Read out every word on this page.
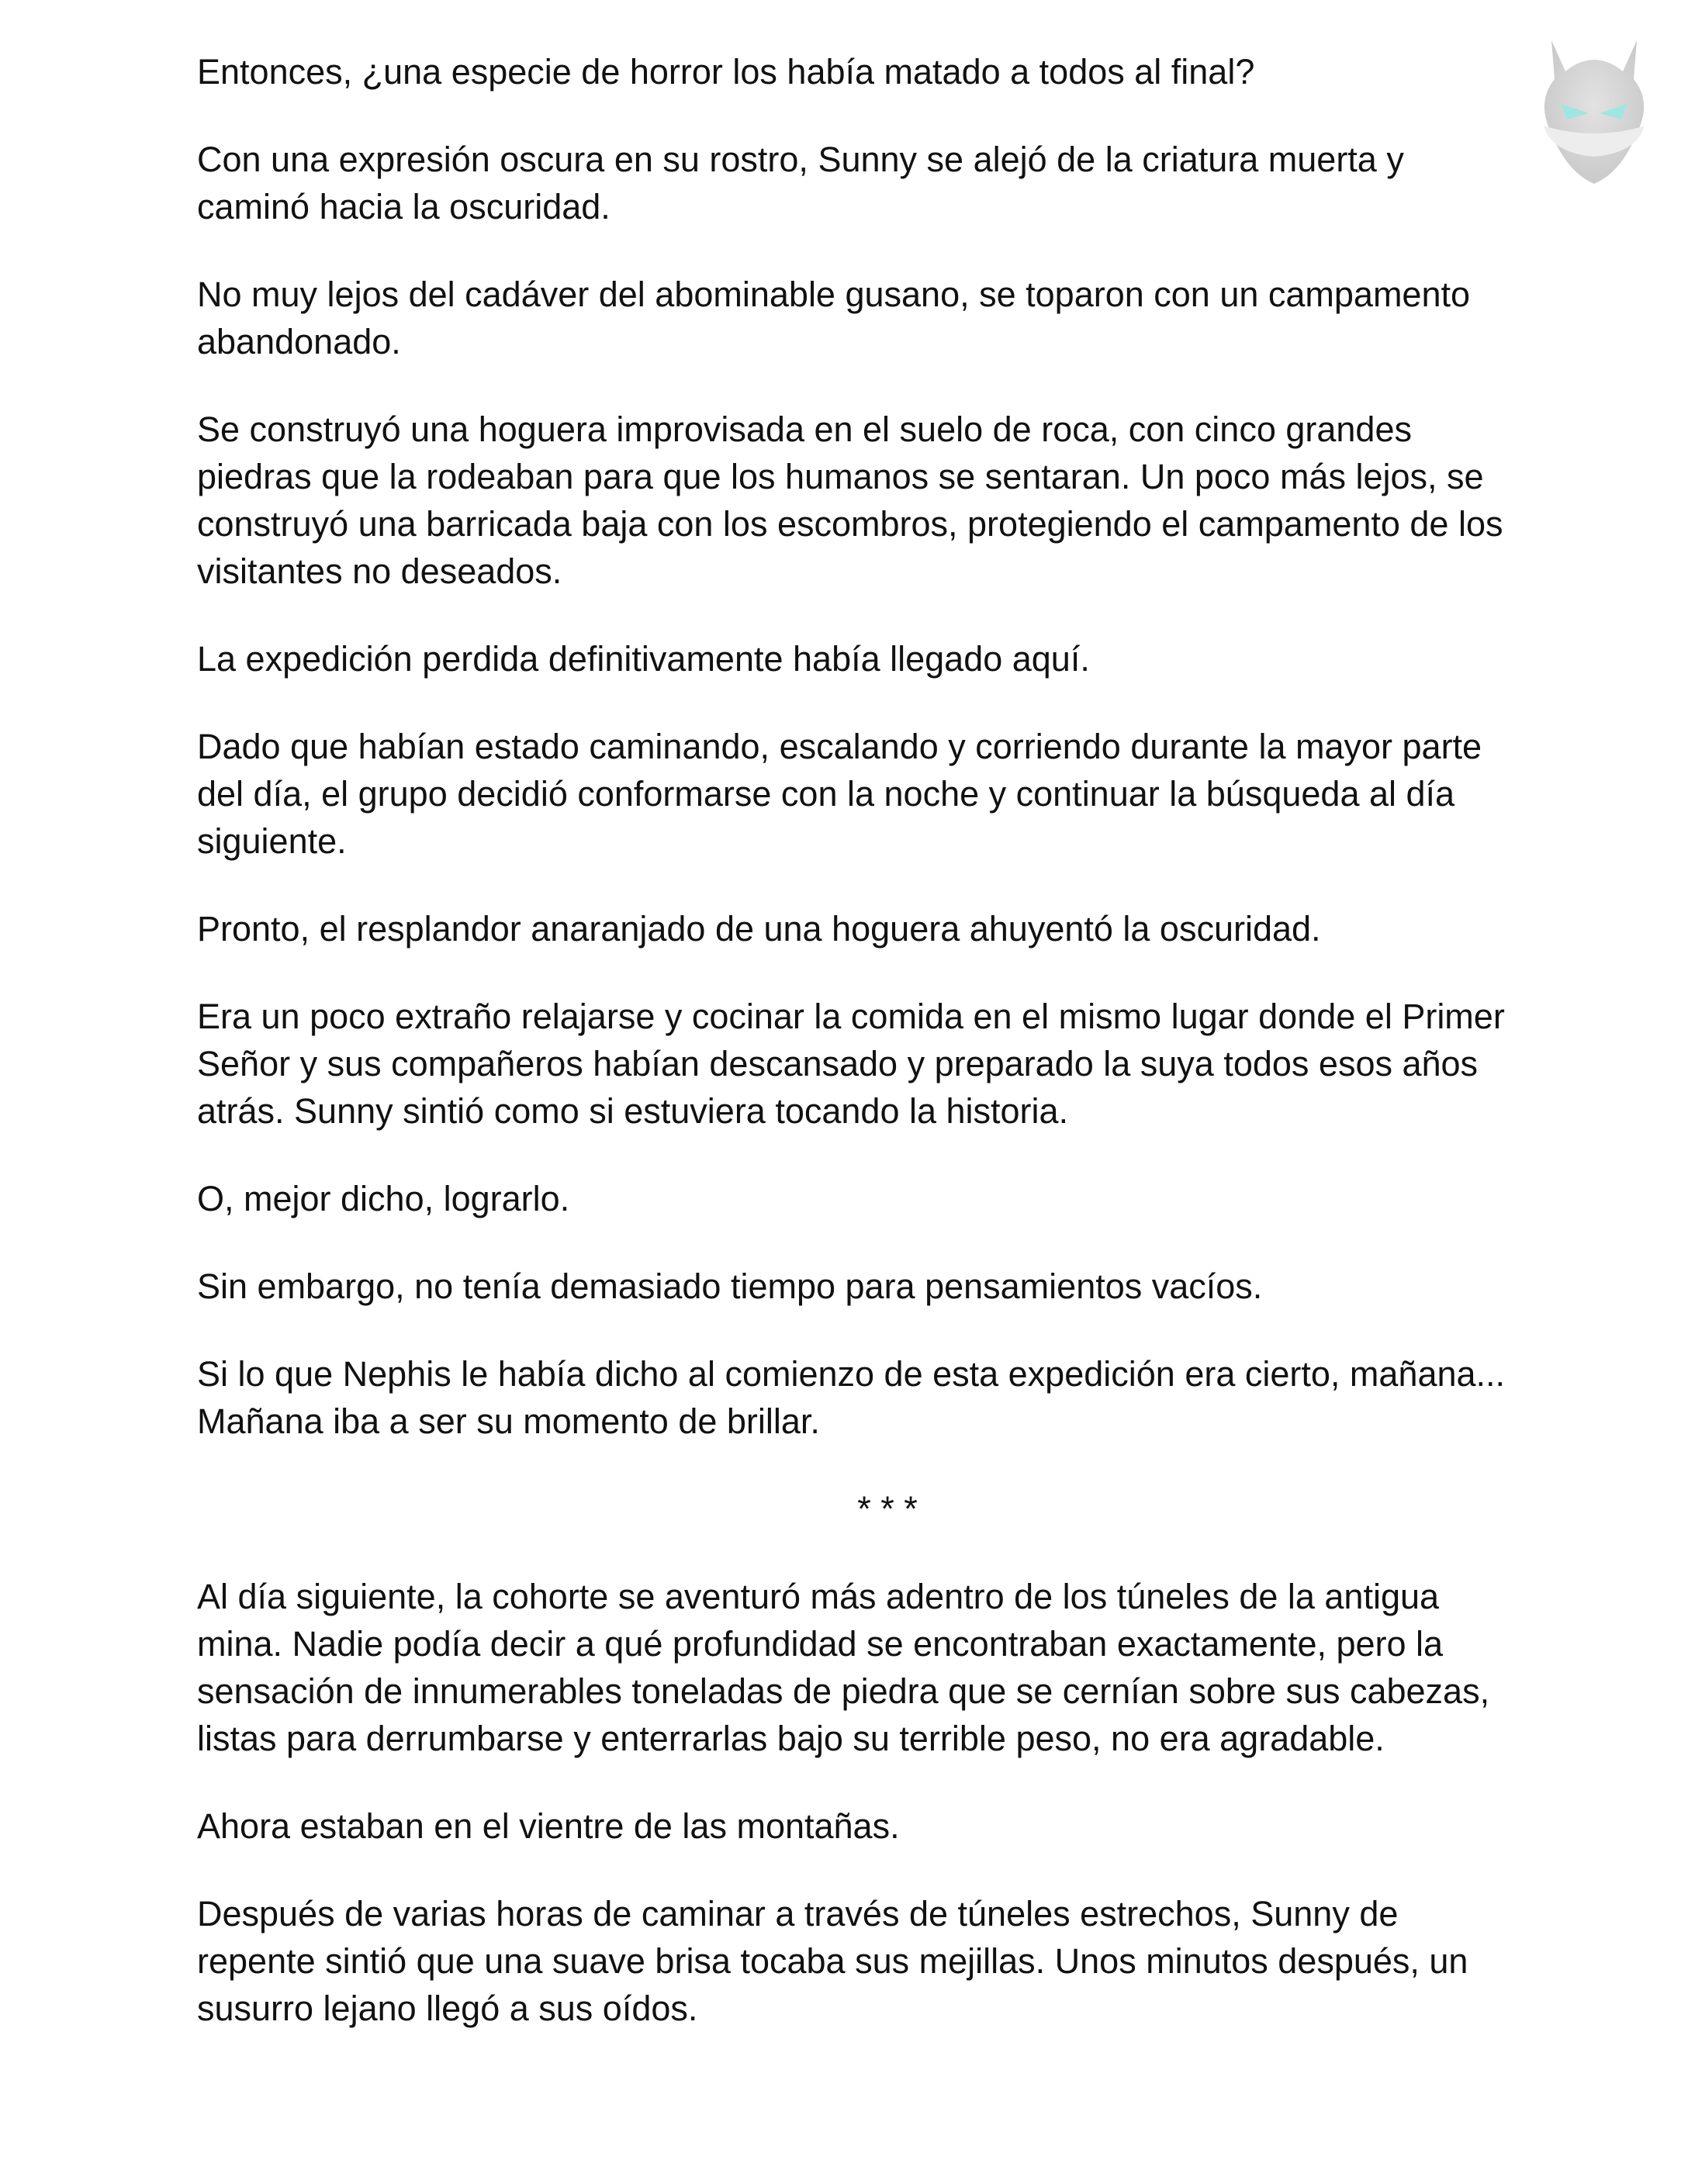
Entonces, ¿una especie de horror los había matado a todos al final?

Con una expresión oscura en su rostro, Sunny se alejó de la criatura muerta y caminó hacia la oscuridad.

No muy lejos del cadáver del abominable gusano, se toparon con un campamento abandonado.

Se construyó una hoguera improvisada en el suelo de roca, con cinco grandes piedras que la rodeaban para que los humanos se sentaran. Un poco más lejos, se construyó una barricada baja con los escombros, protegiendo el campamento de los visitantes no deseados.

La expedición perdida definitivamente había llegado aquí.

Dado que habían estado caminando, escalando y corriendo durante la mayor parte del día, el grupo decidió conformarse con la noche y continuar la búsqueda al día siguiente.

Pronto, el resplandor anaranjado de una hoguera ahuyentó la oscuridad.

Era un poco extraño relajarse y cocinar la comida en el mismo lugar donde el Primer Señor y sus compañeros habían descansado y preparado la suya todos esos años atrás. Sunny sintió como si estuviera tocando la historia.

O, mejor dicho, lograrlo.

Sin embargo, no tenía demasiado tiempo para pensamientos vacíos.

Si lo que Nephis le había dicho al comienzo de esta expedición era cierto, mañana... Mañana iba a ser su momento de brillar.

* * *

Al día siguiente, la cohorte se aventuró más adentro de los túneles de la antigua mina. Nadie podía decir a qué profundidad se encontraban exactamente, pero la sensación de innumerables toneladas de piedra que se cernían sobre sus cabezas, listas para derrumbarse y enterrarlas bajo su terrible peso, no era agradable.

Ahora estaban en el vientre de las montañas.

Después de varias horas de caminar a través de túneles estrechos, Sunny de repente sintió que una suave brisa tocaba sus mejillas. Unos minutos después, un susurro lejano llegó a sus oídos.
